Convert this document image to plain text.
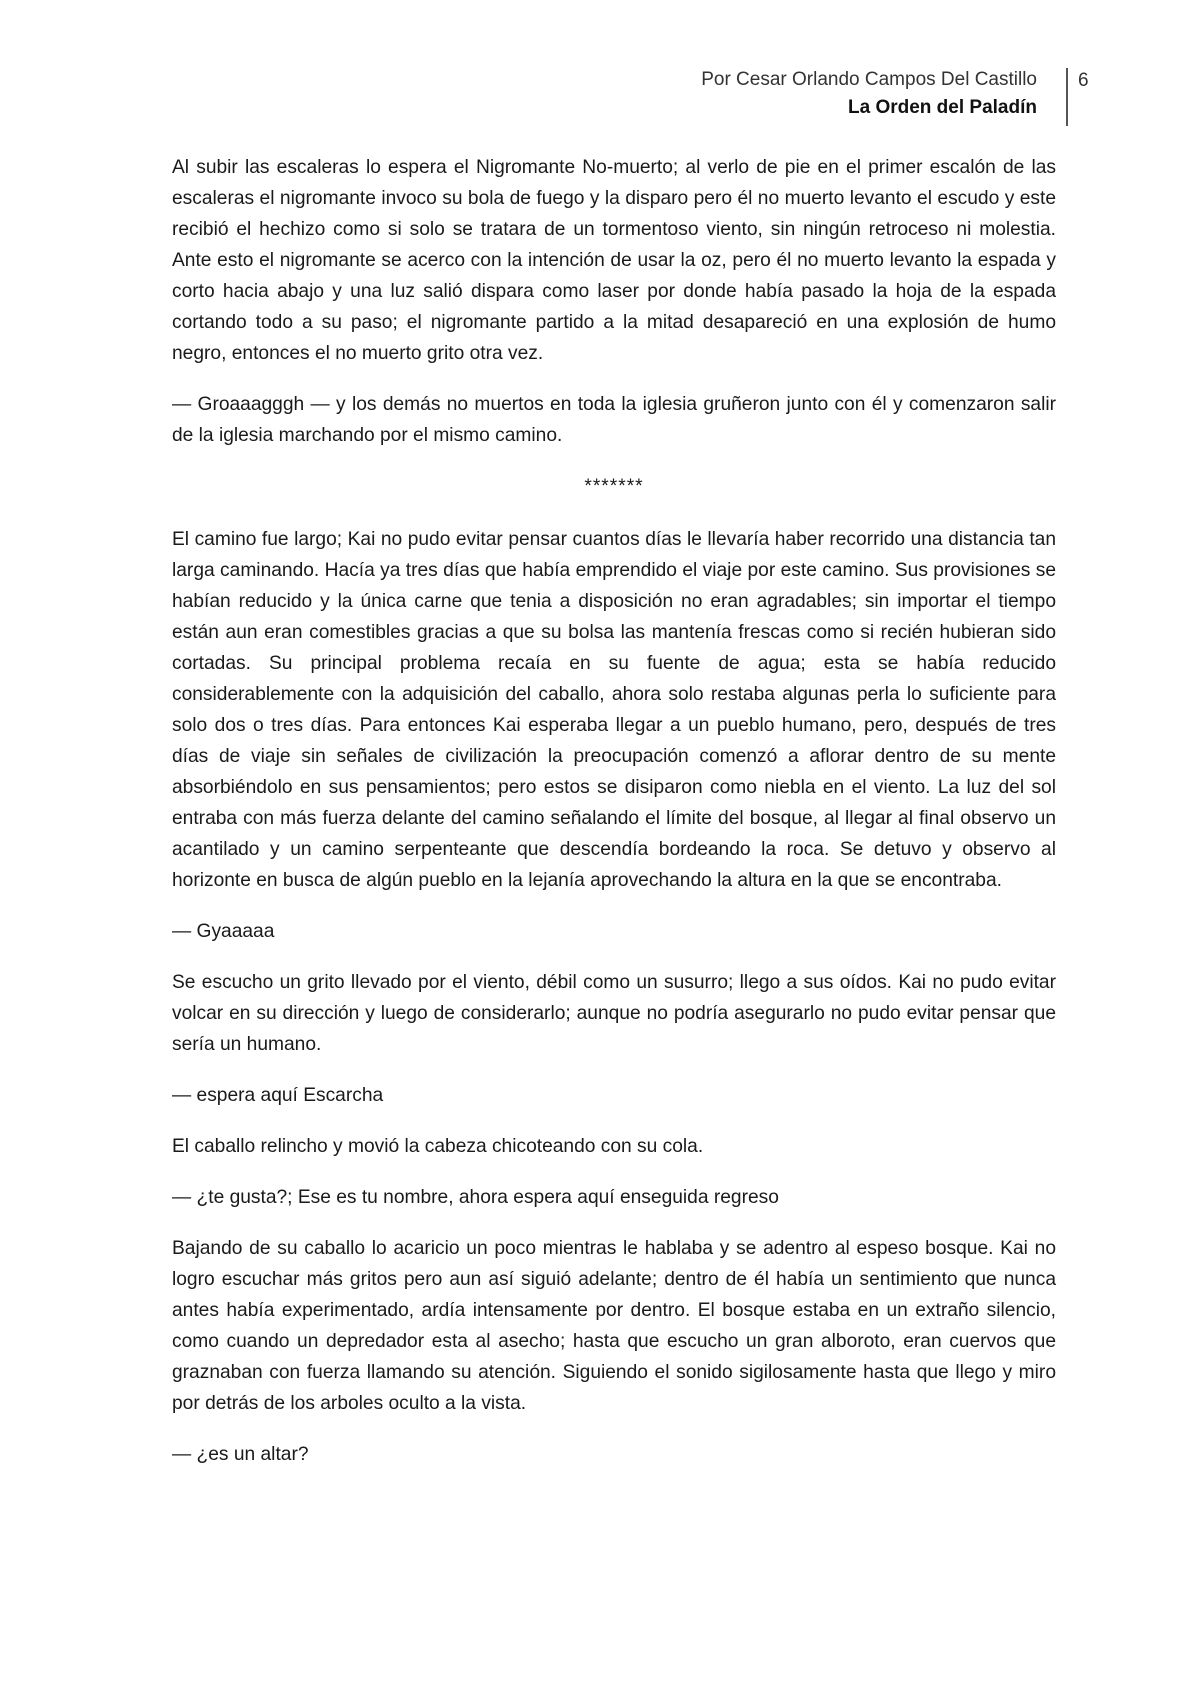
Por Cesar Orlando Campos Del Castillo
La Orden del Paladín
6

Al subir las escaleras lo espera el Nigromante No-muerto; al verlo de pie en el primer escalón de las escaleras el nigromante invoco su bola de fuego y la disparo pero él no muerto levanto el escudo y este recibió el hechizo como si solo se tratara de un tormentoso viento, sin ningún retroceso ni molestia. Ante esto el nigromante se acerco con la intención de usar la oz, pero él no muerto levanto la espada y corto hacia abajo y una luz salió dispara como laser por donde había pasado la hoja de la espada cortando todo a su paso; el nigromante partido a la mitad desapareció en una explosión de humo negro, entonces el no muerto grito otra vez.

— Groaaagggh — y los demás no muertos en toda la iglesia gruñeron junto con él y comenzaron salir de la iglesia marchando por el mismo camino.

*******

El camino fue largo; Kai no pudo evitar pensar cuantos días le llevaría haber recorrido una distancia tan larga caminando. Hacía ya tres días que había emprendido el viaje por este camino. Sus provisiones se habían reducido y la única carne que tenia a disposición no eran agradables; sin importar el tiempo están aun eran comestibles gracias a que su bolsa las mantenía frescas como si recién hubieran sido cortadas. Su principal problema recaía en su fuente de agua; esta se había reducido considerablemente con la adquisición del caballo, ahora solo restaba algunas perla lo suficiente para solo dos o tres días. Para entonces Kai esperaba llegar a un pueblo humano, pero, después de tres días de viaje sin señales de civilización la preocupación comenzó a aflorar dentro de su mente absorbiéndolo en sus pensamientos; pero estos se disiparon como niebla en el viento. La luz del sol entraba con más fuerza delante del camino señalando el límite del bosque, al llegar al final observo un acantilado y un camino serpenteante que descendía bordeando la roca. Se detuvo y observo al horizonte en busca de algún pueblo en la lejanía aprovechando la altura en la que se encontraba.

— Gyaaaaa

Se escucho un grito llevado por el viento, débil como un susurro; llego a sus oídos. Kai no pudo evitar volcar en su dirección y luego de considerarlo; aunque no podría asegurarlo no pudo evitar pensar que sería un humano.

— espera aquí Escarcha

El caballo relincho y movió la cabeza chicoteando con su cola.

— ¿te gusta?; Ese es tu nombre, ahora espera aquí enseguida regreso

Bajando de su caballo lo acaricio un poco mientras le hablaba y se adentro al espeso bosque. Kai no logro escuchar más gritos pero aun así siguió adelante; dentro de él había un sentimiento que nunca antes había experimentado, ardía intensamente por dentro. El bosque estaba en un extraño silencio, como cuando un depredador esta al asecho; hasta que escucho un gran alboroto, eran cuervos que graznaban con fuerza llamando su atención. Siguiendo el sonido sigilosamente hasta que llego y miro por detrás de los arboles oculto a la vista.

— ¿es un altar?
